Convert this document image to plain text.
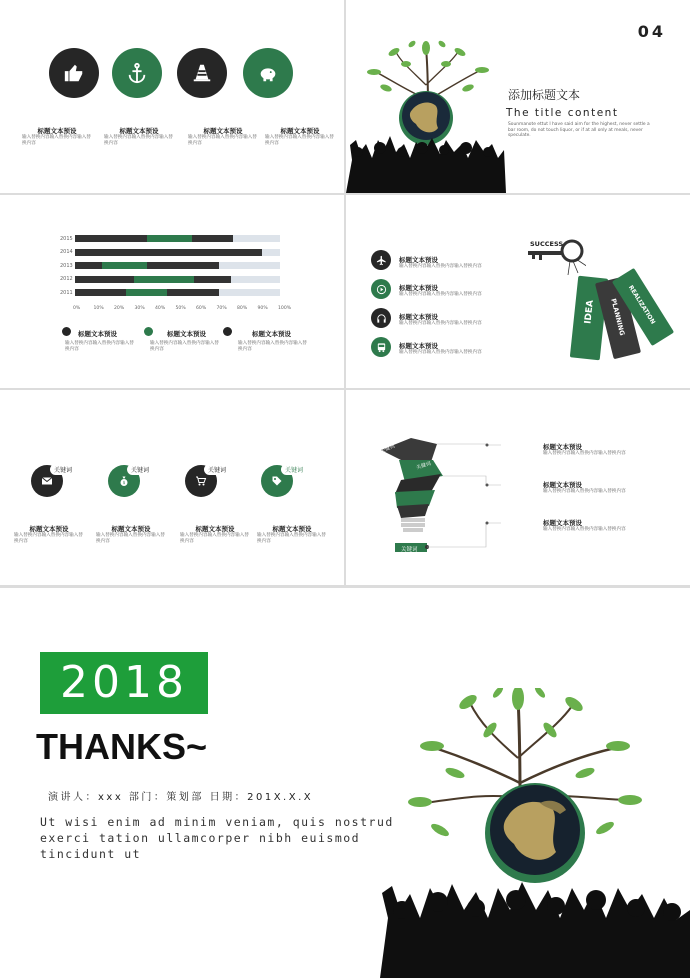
标题文本预设
输入替换内容输入替换内容输入替换内容
标题文本预设
输入替换内容输入替换内容输入替换内容
标题文本预设
输入替换内容输入替换内容输入替换内容
标题文本预设
输入替换内容输入替换内容输入替换内容
04
添加标题文本
The title content
Sounmanote ettut I have said aim for the highest, never settle a bar room, do not touch liquor, or if at all only at meals, never speculate.
2015
2014
2013
2012
2011
0%	10% 20% 30% 40% 50% 60% 70% 80% 90% 100%
标题文本预设
输入替换内容输入替换内容输入替换内容
标题文本预设
输入替换内容输入替换内容输入替换内容
标题文本预设
输入替换内容输入替换内容输入替换内容
标题文本预设
输入替换内容输入替换内容输入替换内容
标题文本预设
输入替换内容输入替换内容输入替换内容
标题文本预设
输入替换内容输入替换内容输入替换内容
标题文本预设
输入替换内容输入替换内容输入替换内容
SUCCESS
IDEA PLANNING REALIZATION
关键词
$
关键词	关键词	关键词
标题文本预设
输入替换内容输入替换内容输入替换内容
标题文本预设
输入替换内容输入替换内容输入替换内容
标题文本预设
输入替换内容输入替换内容输入替换内容
标题文本预设
输入替换内容输入替换内容输入替换内容
关键词
关键词
关键词
标题文本预设
输入替换内容输入替换内容输入替换内容
标题文本预设
输入替换内容输入替换内容输入替换内容
标题文本预设
输入替换内容输入替换内容输入替换内容
2018
THANKS~
演讲人：xxx 部门：策划部 日期：201X.X.X
Ut wisi enim ad minim veniam, quis nostrud exerci tation ullamcorper nibh euismod tincidunt ut
